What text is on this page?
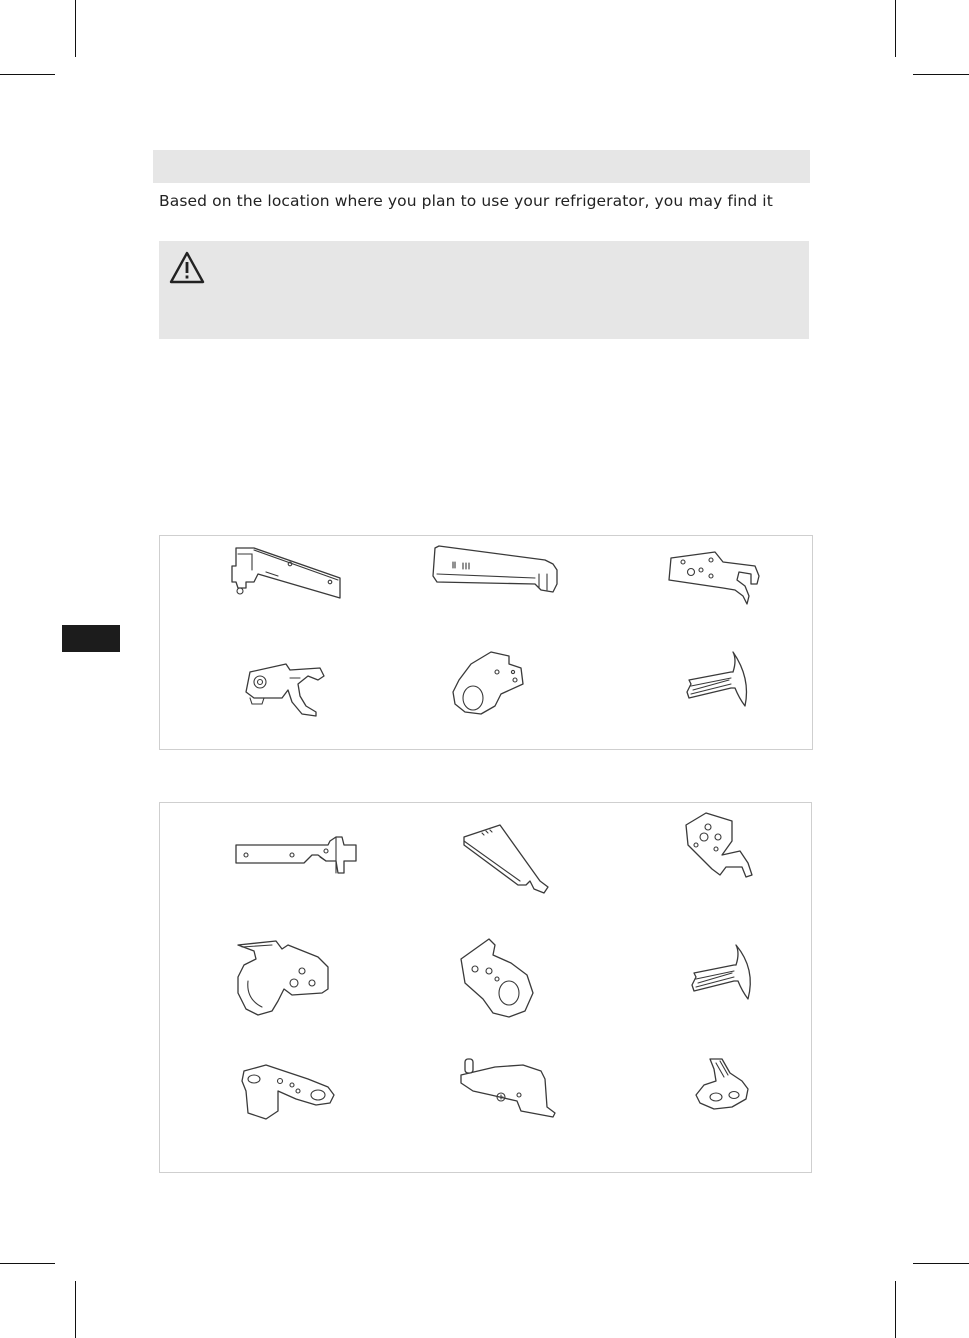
Based on the location where you plan to use your refrigerator, you may find it
